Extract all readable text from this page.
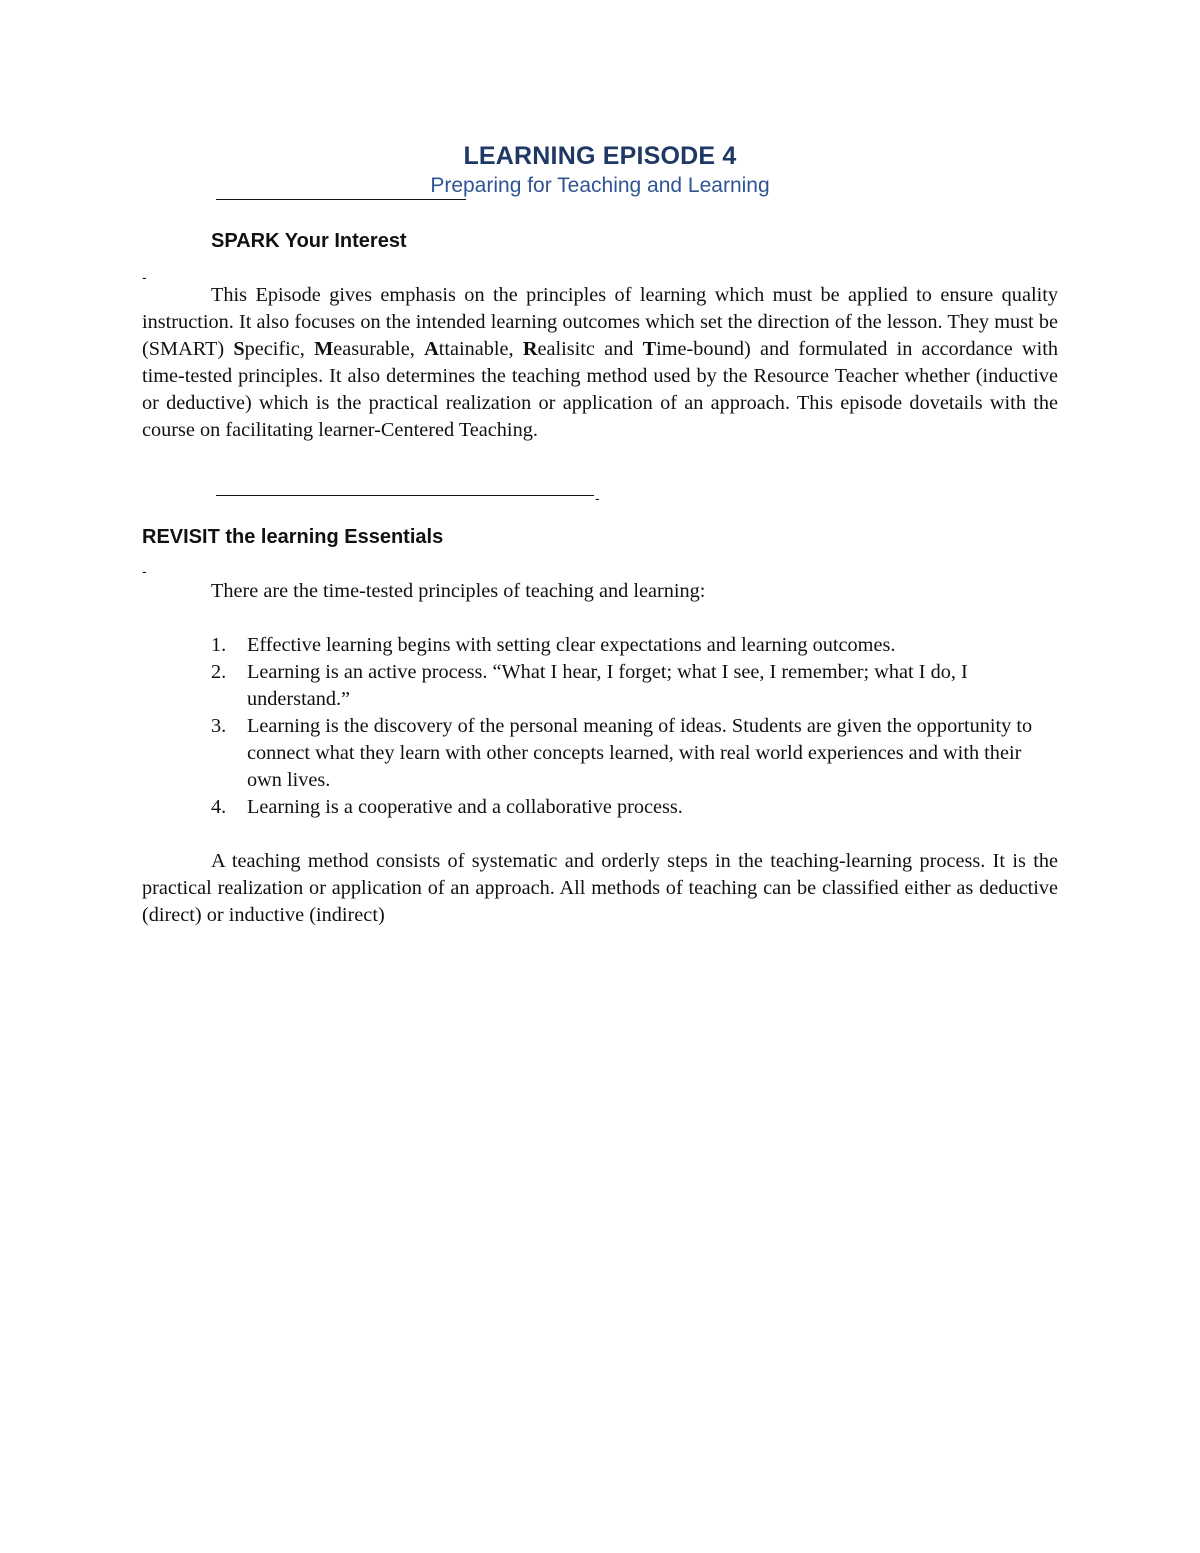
LEARNING EPISODE 4
Preparing for Teaching and Learning
SPARK Your Interest
-

This Episode gives emphasis on the principles of learning which must be applied to ensure quality instruction. It also focuses on the intended learning outcomes which set the direction of the lesson. They must be (SMART) Specific, Measurable, Attainable, Realisitc and Time-bound) and formulated in accordance with time-tested principles. It also determines the teaching method used by the Resource Teacher whether (inductive or deductive) which is the practical realization or application of an approach. This episode dovetails with the course on facilitating learner-Centered Teaching.

-
REVISIT the learning Essentials
-

There are the time-tested principles of teaching and learning:

1. Effective learning begins with setting clear expectations and learning outcomes.
2. Learning is an active process. “What I hear, I forget; what I see, I remember; what I do, I understand.”
3. Learning is the discovery of the personal meaning of ideas. Students are given the opportunity to connect what they learn with other concepts learned, with real world experiences and with their own lives.
4. Learning is a cooperative and a collaborative process.

A teaching method consists of systematic and orderly steps in the teaching-learning process. It is the practical realization or application of an approach. All methods of teaching can be classified either as deductive (direct) or inductive (indirect)
